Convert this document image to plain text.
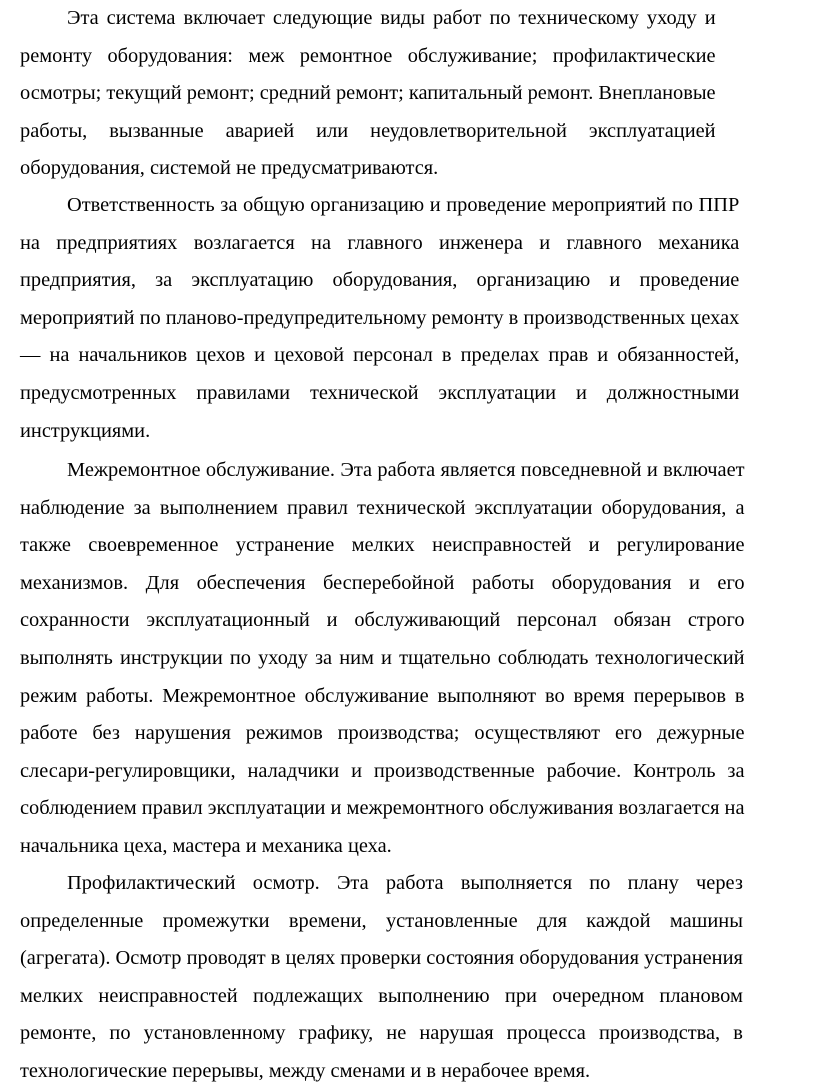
Эта система включает следующие виды работ по техническому уходу и
ремонту оборудования: меж ремонтное обслуживание; профилактические
осмотры; текущий ремонт; средний ремонт; капитальный ремонт. Внеплановые
работы, вызванные аварией или неудовлетворительной эксплуатацией
оборудования, системой не предусматриваются.
Ответственность за общую организацию и проведение мероприятий по ППР
на предприятиях возлагается на главного инженера и главного механика
предприятия, за эксплуатацию оборудования, организацию и проведение
мероприятий по планово-предупредительному ремонту в производственных цехах
— на начальников цехов и цеховой персонал в пределах прав и обязанностей,
предусмотренных правилами технической эксплуатации и должностными
инструкциями.
Межремонтное обслуживание. Эта работа является повседневной и включает
наблюдение за выполнением правил технической эксплуатации оборудования, а
также своевременное устранение мелких неисправностей и регулирование
механизмов. Для обеспечения бесперебойной работы оборудования и его
сохранности эксплуатационный и обслуживающий персонал обязан строго
выполнять инструкции по уходу за ним и тщательно соблюдать технологический
режим работы. Межремонтное обслуживание выполняют во время перерывов в
работе без нарушения режимов производства; осуществляют его дежурные
слесари-регулировщики, наладчики и производственные рабочие. Контроль за
соблюдением правил эксплуатации и межремонтного обслуживания возлагается на
начальника цеха, мастера и механика цеха.
Профилактический осмотр. Эта работа выполняется по плану через
определенные промежутки времени, установленные для каждой машины
(агрегата). Осмотр проводят в целях проверки состояния оборудования устранения
мелких неисправностей подлежащих выполнению при очередном плановом
ремонте, по установленному графику, не нарушая процесса производства, в
технологические перерывы, между сменами и в нерабочее время.
